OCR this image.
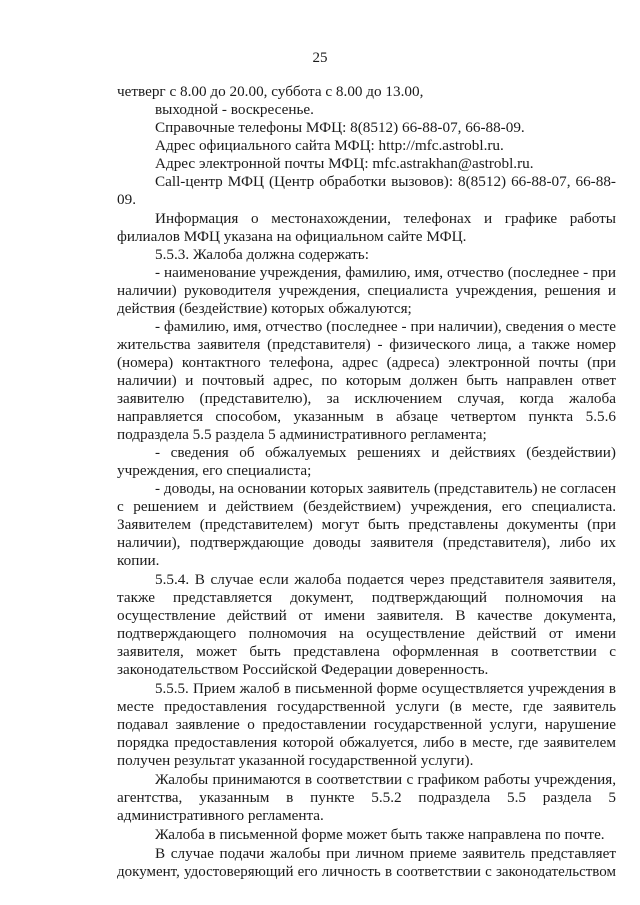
25
четверг с 8.00 до 20.00, суббота с 8.00 до 13.00,
выходной - воскресенье.
Справочные телефоны МФЦ: 8(8512) 66-88-07, 66-88-09.
Адрес официального сайта МФЦ: http://mfc.astrobl.ru.
Адрес электронной почты МФЦ: mfc.astrakhan@astrobl.ru.
Call-центр МФЦ (Центр обработки вызовов): 8(8512) 66-88-07, 66-88-
09.
Информация о местонахождении, телефонах и графике работы
филиалов МФЦ указана на официальном сайте МФЦ.
5.5.3. Жалоба должна содержать:
- наименование учреждения, фамилию, имя, отчество (последнее - при
наличии) руководителя учреждения, специалиста учреждения, решения и
действия (бездействие) которых обжалуются;
- фамилию, имя, отчество (последнее - при наличии), сведения о месте
жительства заявителя (представителя) - физического лица, а также номер
(номера) контактного телефона, адрес (адреса) электронной почты (при
наличии) и почтовый адрес, по которым должен быть направлен ответ
заявителю (представителю), за исключением случая, когда жалоба
направляется способом, указанным в абзаце четвертом пункта 5.5.6
подраздела 5.5 раздела 5 административного регламента;
- сведения об обжалуемых решениях и действиях (бездействии)
учреждения, его специалиста;
- доводы, на основании которых заявитель (представитель) не согласен
с решением и действием (бездействием) учреждения, его специалиста.
Заявителем (представителем) могут быть представлены документы (при
наличии), подтверждающие доводы заявителя (представителя), либо их
копии.
5.5.4. В случае если жалоба подается через представителя заявителя,
также представляется документ, подтверждающий полномочия на
осуществление действий от имени заявителя. В качестве документа,
подтверждающего полномочия на осуществление действий от имени
заявителя, может быть представлена оформленная в соответствии с
законодательством Российской Федерации доверенность.
5.5.5. Прием жалоб в письменной форме осуществляется учреждения в
месте предоставления государственной услуги (в месте, где заявитель
подавал заявление о предоставлении государственной услуги, нарушение
порядка предоставления которой обжалуется, либо в месте, где заявителем
получен результат указанной государственной услуги).
Жалобы принимаются в соответствии с графиком работы учреждения,
агентства, указанным в пункте 5.5.2 подраздела 5.5 раздела 5
административного регламента.
Жалоба в письменной форме может быть также направлена по почте.
В случае подачи жалобы при личном приеме заявитель представляет
документ, удостоверяющий его личность в соответствии с законодательством
